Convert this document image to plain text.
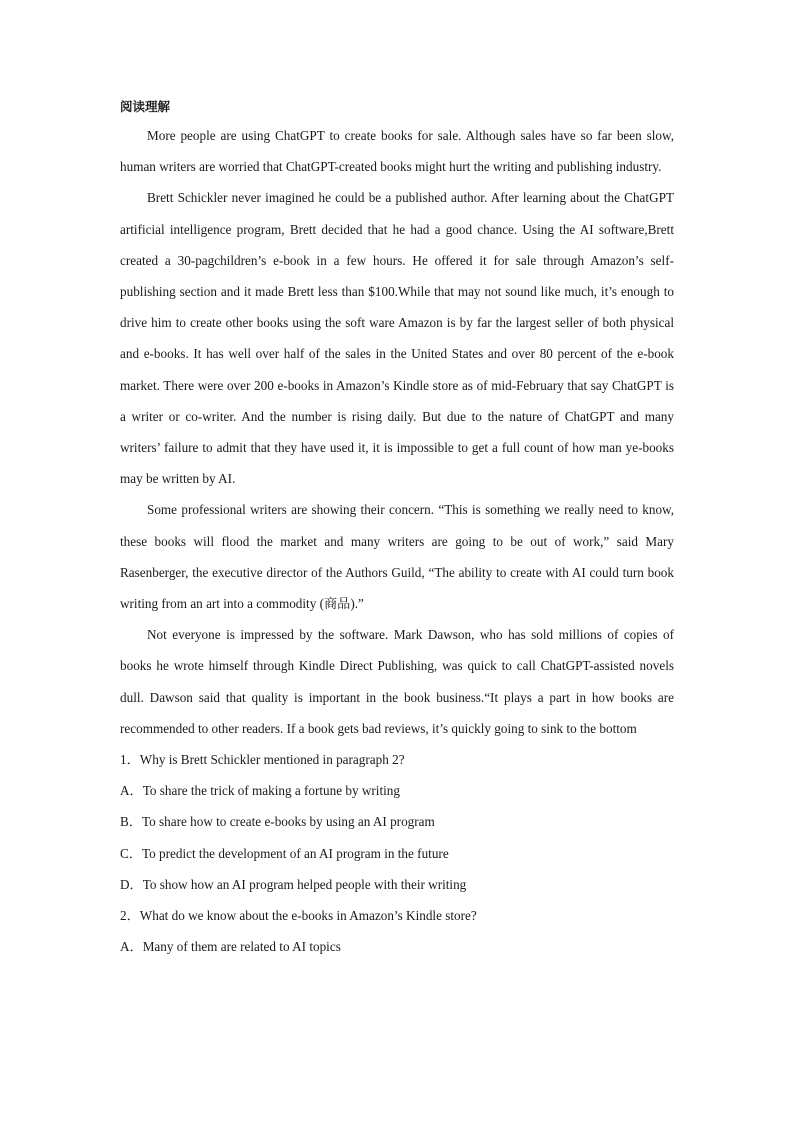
阅读理解

More people are using ChatGPT to create books for sale. Although sales have so far been slow, human writers are worried that ChatGPT-created books might hurt the writing and publishing industry.

Brett Schickler never imagined he could be a published author. After learning about the ChatGPT artificial intelligence program, Brett decided that he had a good chance. Using the AI software,Brett created a 30-pagchildren’s e-book in a few hours. He offered it for sale through Amazon’s self-publishing section and it made Brett less than $100.While that may not sound like much, it’s enough to drive him to create other books using the soft ware Amazon is by far the largest seller of both physical and e-books. It has well over half of the sales in the United States and over 80 percent of the e-book market. There were over 200 e-books in Amazon’s Kindle store as of mid-February that say ChatGPT is a writer or co-writer. And the number is rising daily. But due to the nature of ChatGPT and many writers’ failure to admit that they have used it, it is impossible to get a full count of how man ye-books may be written by AI.

Some professional writers are showing their concern. “This is something we really need to know, these books will flood the market and many writers are going to be out of work,” said Mary Rasenberger, the executive director of the Authors Guild, “The ability to create with AI could turn book writing from an art into a commodity (商品).”

Not everyone is impressed by the software. Mark Dawson, who has sold millions of copies of books he wrote himself through Kindle Direct Publishing, was quick to call ChatGPT-assisted novels dull. Dawson said that quality is important in the book business.“It plays a part in how books are recommended to other readers. If a book gets bad reviews, it’s quickly going to sink to the bottom

1．Why is Brett Schickler mentioned in paragraph 2?

A．To share the trick of making a fortune by writing

B．To share how to create e-books by using an AI program

C．To predict the development of an AI program in the future

D．To show how an AI program helped people with their writing

2．What do we know about the e-books in Amazon’s Kindle store?

A．Many of them are related to AI topics
